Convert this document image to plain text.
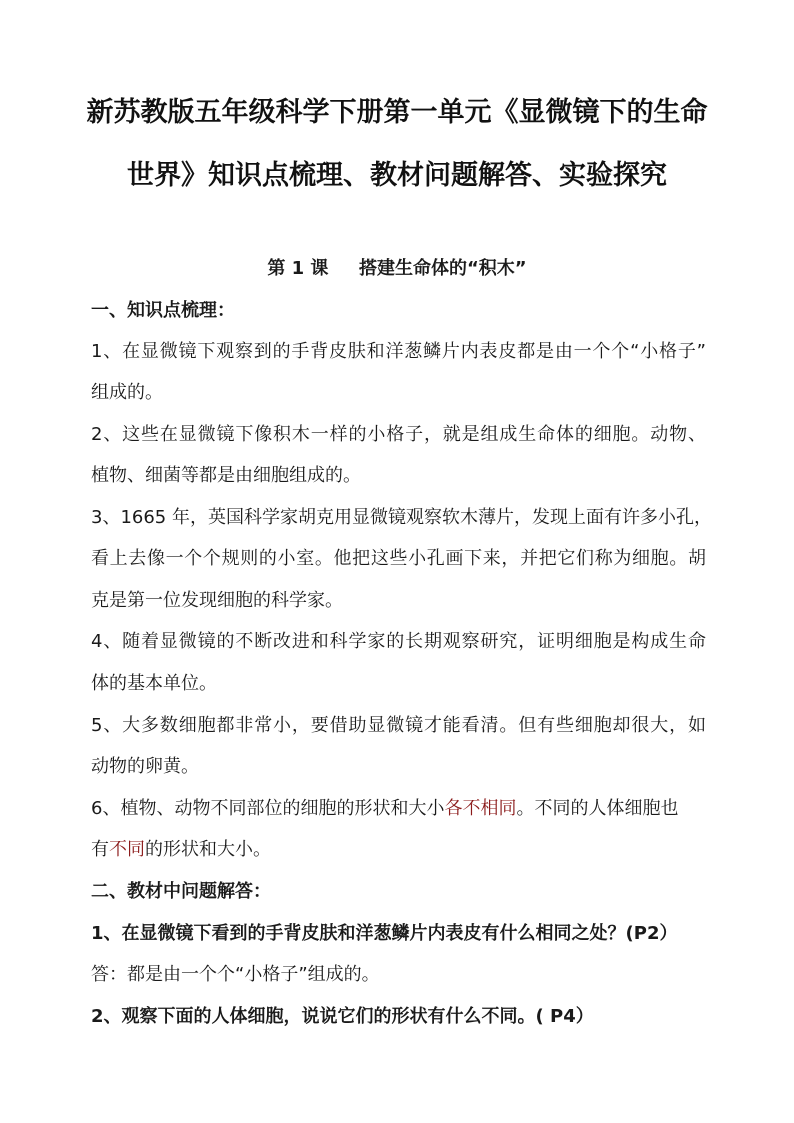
新苏教版五年级科学下册第一单元《显微镜下的生命
世界》知识点梳理、教材问题解答、实验探究
第 1 课　  搭建生命体的“积木”
一、知识点梳理：
1、在显微镜下观察到的手背皮肤和洋葱鳞片内表皮都是由一个个“小格子”
组成的。
2、这些在显微镜下像积木一样的小格子，就是组成生命体的细胞。动物、
植物、细菌等都是由细胞组成的。
3、1665 年，英国科学家胡克用显微镜观察软木薄片，发现上面有许多小孔，
看上去像一个个规则的小室。他把这些小孔画下来，并把它们称为细胞。胡
克是第一位发现细胞的科学家。
4、随着显微镜的不断改进和科学家的长期观察研究，证明细胞是构成生命
体的基本单位。
5、大多数细胞都非常小，要借助显微镜才能看清。但有些细胞却很大，如
动物的卵黄。
6、植物、动物不同部位的细胞的形状和大小各不相同。不同的人体细胞也
有不同的形状和大小。
二、教材中问题解答：
1、在显微镜下看到的手背皮肤和洋葱鳞片内表皮有什么相同之处？(P2）
答：都是由一个个“小格子”组成的。
2、观察下面的人体细胞，说说它们的形状有什么不同。( P4）
